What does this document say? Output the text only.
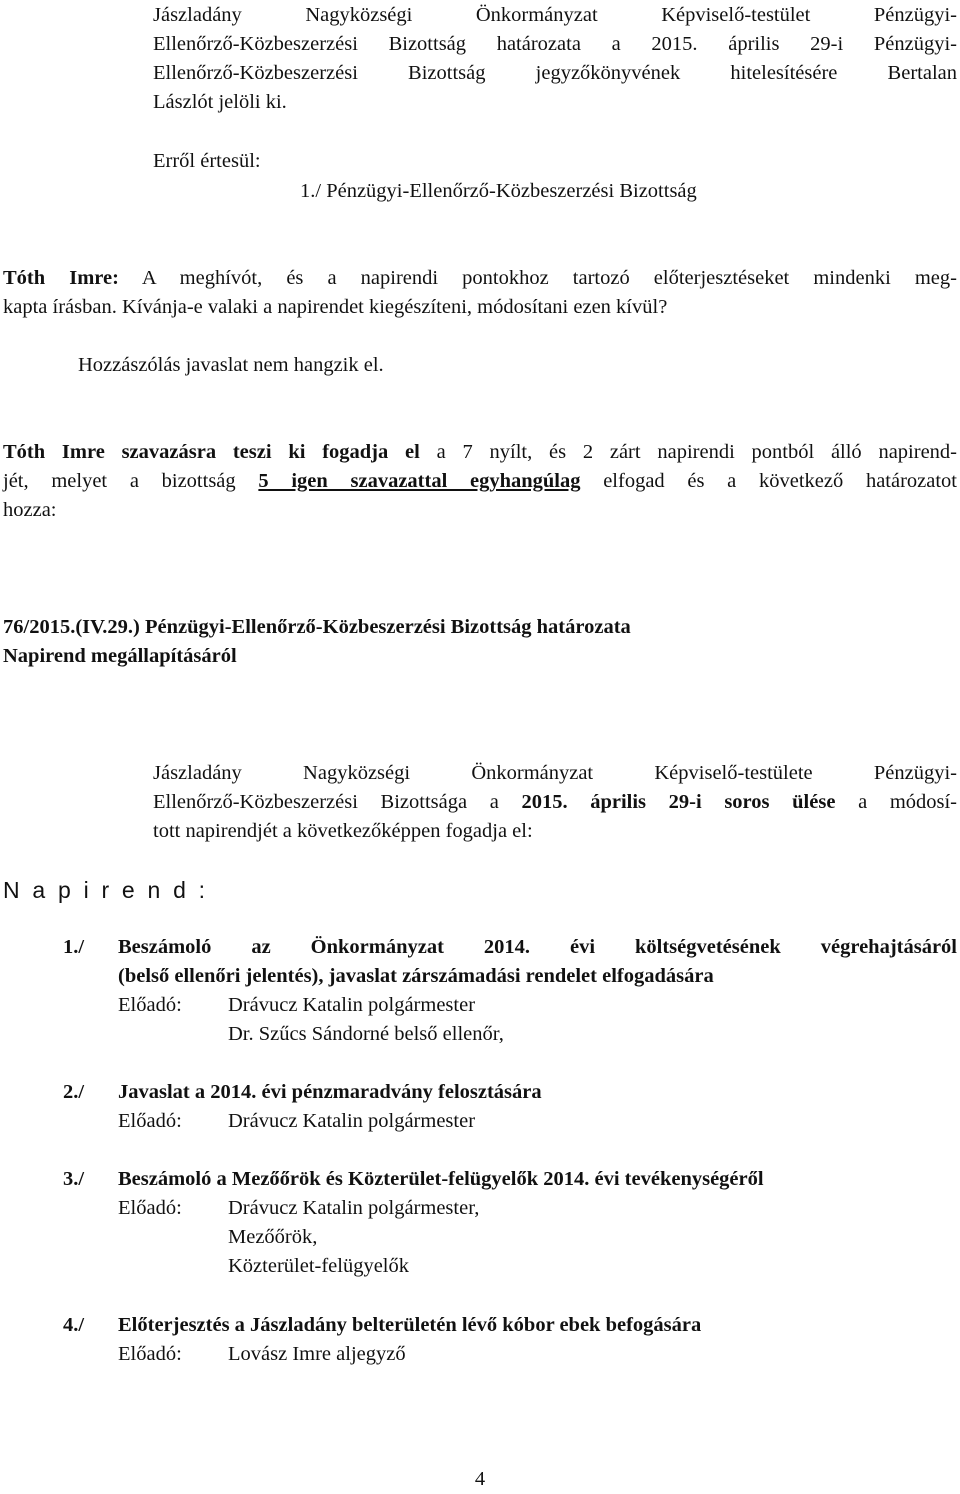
Jászladány Nagyközségi Önkormányzat Képviselő-testület Pénzügyi-
Ellenőrző-Közbeszerzési Bizottság határozata a 2015. április 29-i Pénzügyi-
Ellenőrző-Közbeszerzési Bizottság jegyzőkönyvének hitelesítésére Bertalan
Lászlót jelöli ki.
Erről értesül:
1./ Pénzügyi-Ellenőrző-Közbeszerzési Bizottság
Tóth Imre: A meghívót, és a napirendi pontokhoz tartozó előterjesztéseket mindenki meg-
kapta írásban. Kívánja-e valaki a napirendet kiegészíteni, módosítani ezen kívül?
Hozzászólás javaslat nem hangzik el.
Tóth Imre szavazásra teszi ki fogadja el a 7 nyílt, és 2 zárt napirendi pontból álló napirend-
jét, melyet a bizottság 5 igen szavazattal egyhangúlag elfogad és a következő határozatot
hozza:
76/2015.(IV.29.) Pénzügyi-Ellenőrző-Közbeszerzési Bizottság határozata
Napirend megállapításáról
Jászladány Nagyközségi Önkormányzat Képviselő-testülete Pénzügyi-
Ellenőrző-Közbeszerzési Bizottsága a 2015. április 29-i soros ülése a módosí-
tott napirendjét a következőképpen fogadja el:
N a p i r e n d :
1./	Beszámoló az Önkormányzat 2014. évi költségvetésének végrehajtásáról
(belső ellenőri jelentés), javaslat zárszámadási rendelet elfogadására
Előadó: Drávucz Katalin polgármester
Dr. Szűcs Sándorné belső ellenőr,
2./	Javaslat a 2014. évi pénzmaradvány felosztására
Előadó: Drávucz Katalin polgármester
3./	Beszámoló a Mezőőrök és Közterület-felügyelők 2014. évi tevékenységéről
Előadó: Drávucz Katalin polgármester,
Mezőőrök,
Közterület-felügyelők
4./	Előterjesztés a Jászladány belterületén lévő kóbor ebek befogására
Előadó: Lovász Imre aljegyző
4
